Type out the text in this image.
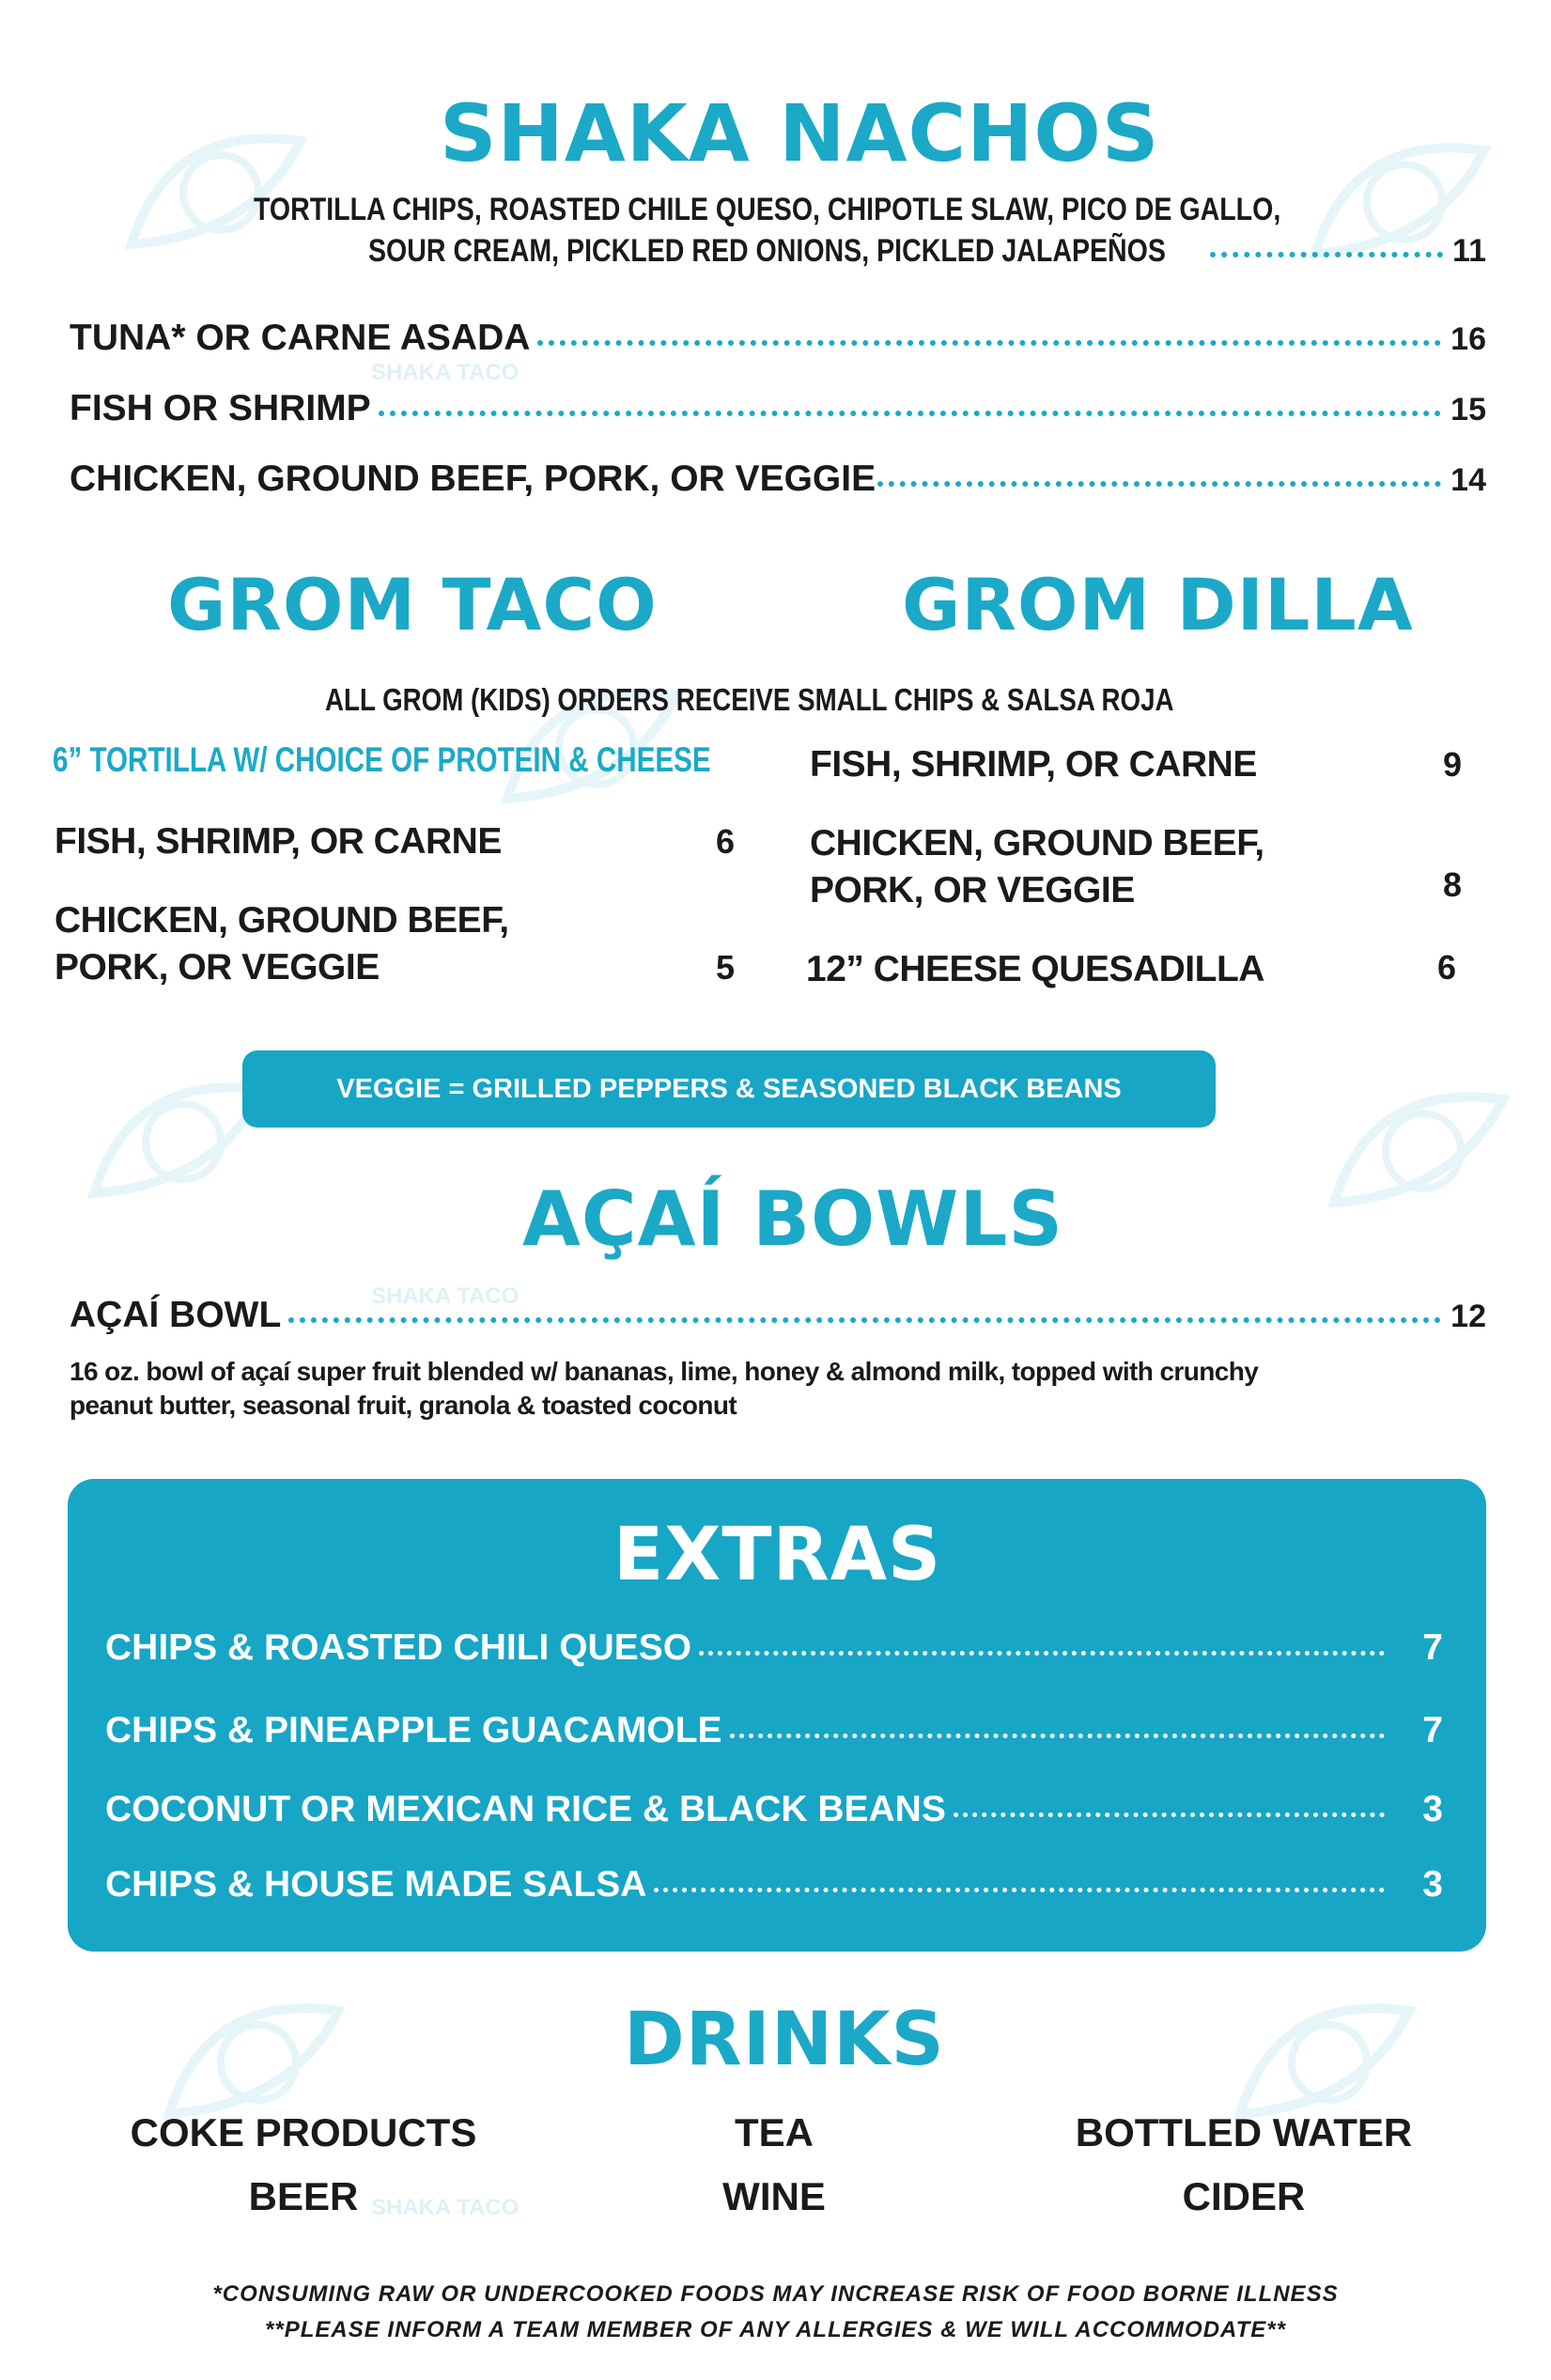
SHAKA TACO
SHAKA TACO
SHAKA TACO
SHAKA NACHOS
TORTILLA CHIPS, ROASTED CHILE QUESO, CHIPOTLE SLAW, PICO DE GALLO,
SOUR CREAM, PICKLED RED ONIONS, PICKLED JALAPEÑOS	11
TUNA* OR CARNE ASADA	16
FISH OR SHRIMP	15
CHICKEN, GROUND BEEF, PORK, OR VEGGIE	14
GROM TACO	GROM DILLA
ALL GROM (KIDS) ORDERS RECEIVE SMALL CHIPS & SALSA ROJA
6” TORTILLA W/ CHOICE OF PROTEIN & CHEESE
FISH, SHRIMP, OR CARNE	6
CHICKEN, GROUND BEEF,
PORK, OR VEGGIE	5
FISH, SHRIMP, OR CARNE	9
CHICKEN, GROUND BEEF,
PORK, OR VEGGIE	8
12” CHEESE QUESADILLA	6
VEGGIE = GRILLED PEPPERS & SEASONED BLACK BEANS
AÇAÍ BOWLS
AÇAÍ BOWL	12
16 oz. bowl of açaí super fruit blended w/ bananas, lime, honey & almond milk, topped with crunchy
peanut butter, seasonal fruit, granola & toasted coconut
EXTRAS
CHIPS & ROASTED CHILI QUESO	7
CHIPS & PINEAPPLE GUACAMOLE	7
COCONUT OR MEXICAN RICE & BLACK BEANS	3
CHIPS & HOUSE MADE SALSA	3
DRINKS
COKE PRODUCTS
BEER
TEA
WINE
BOTTLED WATER
CIDER
*CONSUMING RAW OR UNDERCOOKED FOODS MAY INCREASE RISK OF FOOD BORNE ILLNESS
**PLEASE INFORM A TEAM MEMBER OF ANY ALLERGIES & WE WILL ACCOMMODATE**
